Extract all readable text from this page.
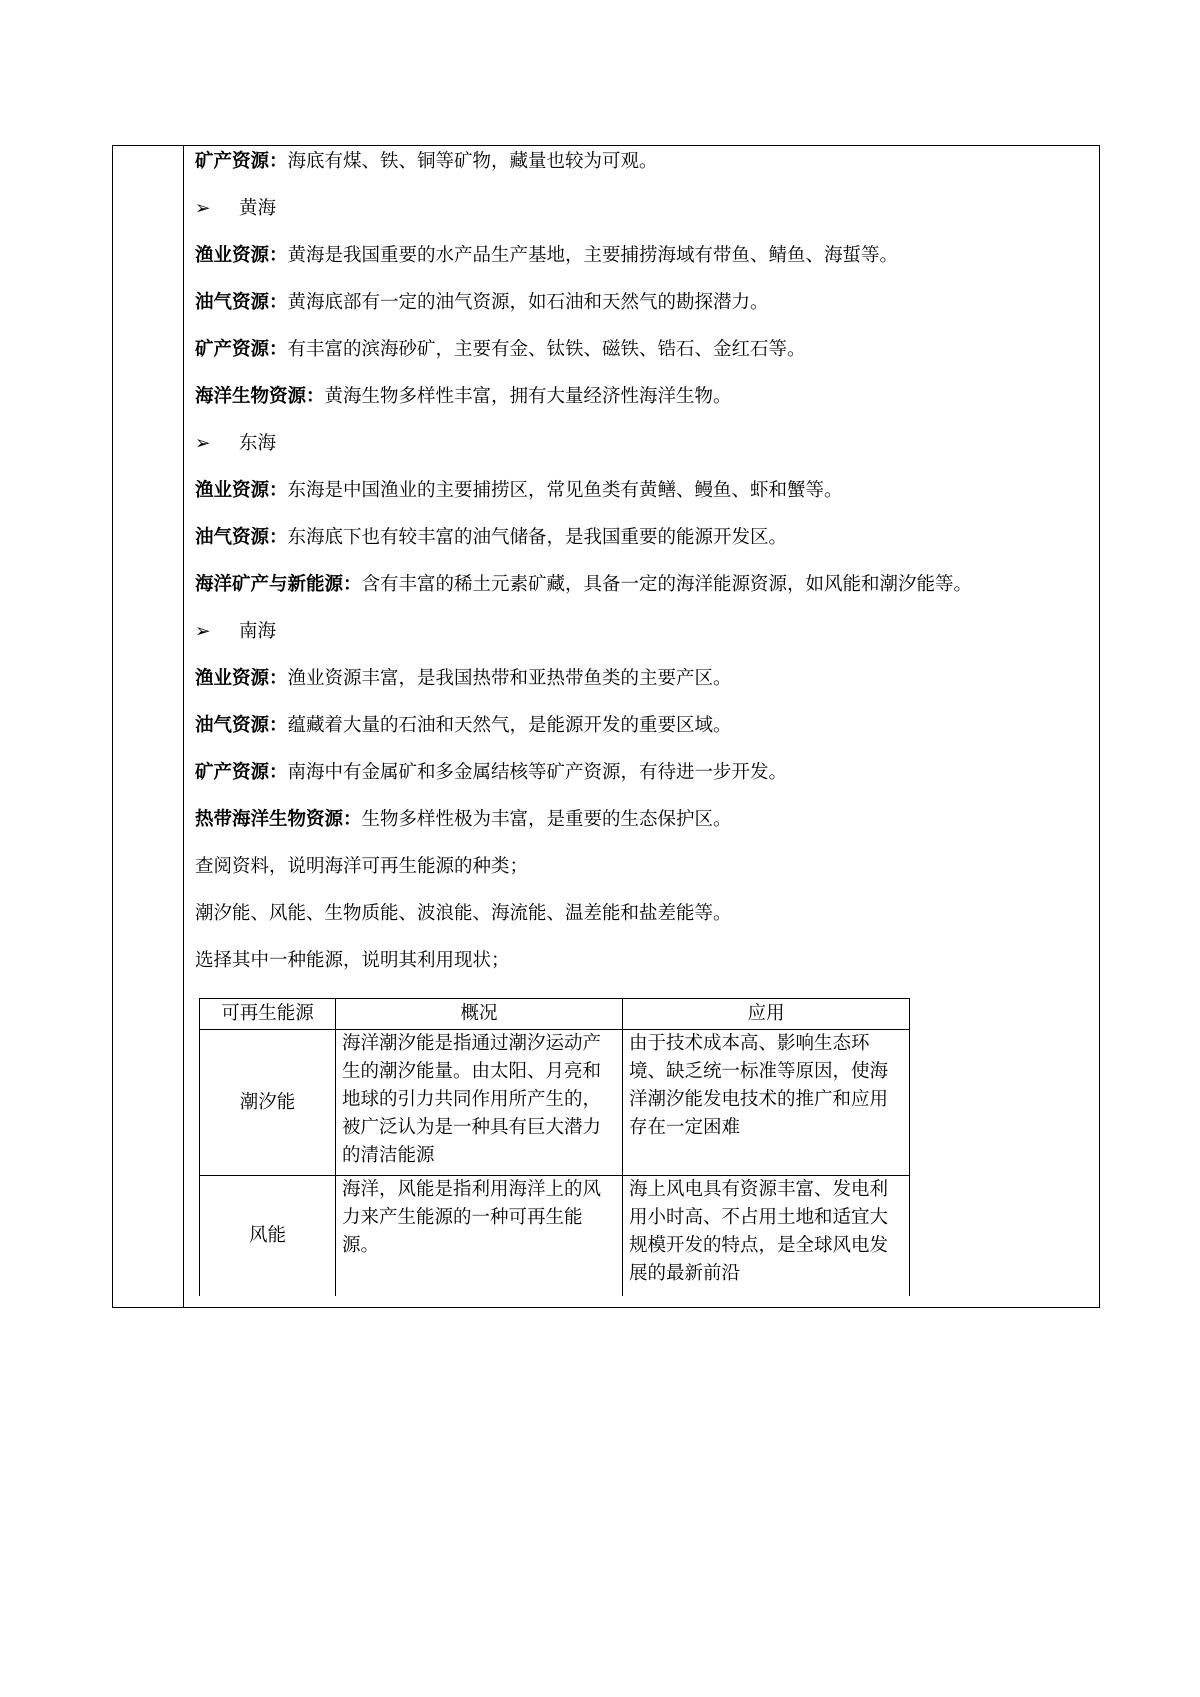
矿产资源：海底有煤、铁、铜等矿物，藏量也较为可观。
➢ 黄海
渔业资源：黄海是我国重要的水产品生产基地，主要捕捞海域有带鱼、鲭鱼、海蜇等。
油气资源：黄海底部有一定的油气资源，如石油和天然气的勘探潜力。
矿产资源：有丰富的滨海砂矿，主要有金、钛铁、磁铁、锆石、金红石等。
海洋生物资源：黄海生物多样性丰富，拥有大量经济性海洋生物。
➢ 东海
渔业资源：东海是中国渔业的主要捕捞区，常见鱼类有黄鳝、鳗鱼、虾和蟹等。
油气资源：东海底下也有较丰富的油气储备，是我国重要的能源开发区。
海洋矿产与新能源：含有丰富的稀土元素矿藏，具备一定的海洋能源资源，如风能和潮汐能等。
➢ 南海
渔业资源：渔业资源丰富，是我国热带和亚热带鱼类的主要产区。
油气资源：蕴藏着大量的石油和天然气，是能源开发的重要区域。
矿产资源：南海中有金属矿和多金属结核等矿产资源，有待进一步开发。
热带海洋生物资源：生物多样性极为丰富，是重要的生态保护区。
查阅资料，说明海洋可再生能源的种类；
潮汐能、风能、生物质能、波浪能、海流能、温差能和盐差能等。
选择其中一种能源，说明其利用现状；
可再生能源	概况	应用
潮汐能	海洋潮汐能是指通过潮汐运动产生的潮汐能量。由太阳、月亮和地球的引力共同作用所产生的，被广泛认为是一种具有巨大潜力的清洁能源	由于技术成本高、影响生态环境、缺乏统一标准等原因，使海洋潮汐能发电技术的推广和应用存在一定困难
风能	海洋，风能是指利用海洋上的风力来产生能源的一种可再生能源。	海上风电具有资源丰富、发电利用小时高、不占用土地和适宜大规模开发的特点，是全球风电发展的最新前沿
